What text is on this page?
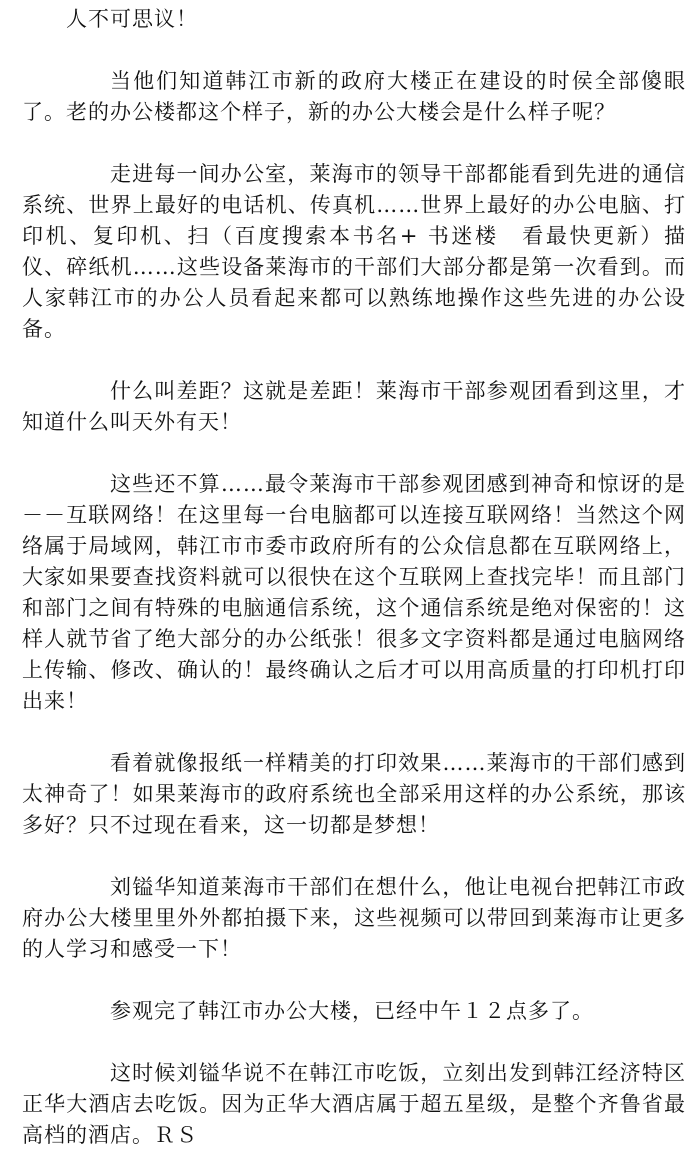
人不可思议！

当他们知道韩江市新的政府大楼正在建设的时侯全部傻眼了。老的办公楼都这个样子，新的办公大楼会是什么样子呢？

走进每一间办公室，莱海市的领导干部都能看到先进的通信系统、世界上最好的电话机、传真机……世界上最好的办公电脑、打印机、复印机、扫（百度搜索本书名+ 书迷楼　看最快更新）描仪、碎纸机……这些设备莱海市的干部们大部分都是第一次看到。而人家韩江市的办公人员看起来都可以熟练地操作这些先进的办公设备。

什么叫差距？这就是差距！莱海市干部参观团看到这里，才知道什么叫天外有天！

这些还不算……最令莱海市干部参观团感到神奇和惊讶的是－－互联网络！在这里每一台电脑都可以连接互联网络！当然这个网络属于局域网，韩江市市委市政府所有的公众信息都在互联网络上，大家如果要查找资料就可以很快在这个互联网上查找完毕！而且部门和部门之间有特殊的电脑通信系统，这个通信系统是绝对保密的！这样人就节省了绝大部分的办公纸张！很多文字资料都是通过电脑网络上传输、修改、确认的！最终确认之后才可以用高质量的打印机打印出来！

看着就像报纸一样精美的打印效果……莱海市的干部们感到太神奇了！如果莱海市的政府系统也全部采用这样的办公系统，那该多好？只不过现在看来，这一切都是梦想！

刘镒华知道莱海市干部们在想什么，他让电视台把韩江市政府办公大楼里里外外都拍摄下来，这些视频可以带回到莱海市让更多的人学习和感受一下！

参观完了韩江市办公大楼，已经中午１２点多了。

这时候刘镒华说不在韩江市吃饭，立刻出发到韩江经济特区正华大酒店去吃饭。因为正华大酒店属于超五星级，是整个齐鲁省最高档的酒店。ＲＳ
